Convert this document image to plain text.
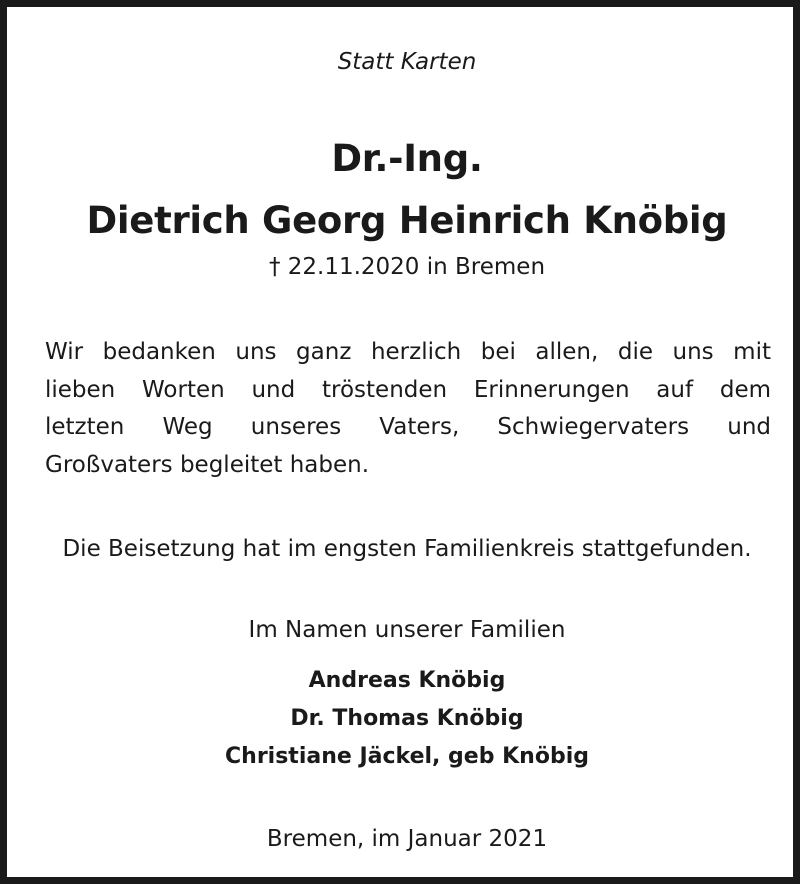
Statt Karten
Dr.-Ing.
Dietrich Georg Heinrich Knöbig
† 22.11.2020 in Bremen
Wir bedanken uns ganz herzlich bei allen, die uns mit
lieben Worten und tröstenden Erinnerungen auf dem
letzten Weg unseres Vaters, Schwiegervaters und
Großvaters begleitet haben.
Die Beisetzung hat im engsten Familienkreis stattgefunden.
Im Namen unserer Familien
Andreas Knöbig
Dr. Thomas Knöbig
Christiane Jäckel, geb Knöbig
Bremen, im Januar 2021
